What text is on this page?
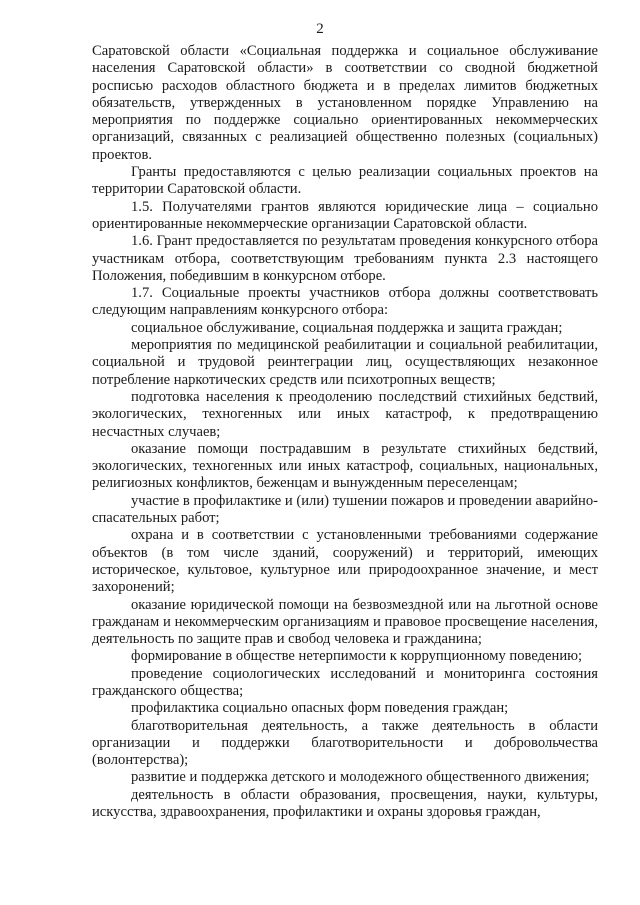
2

Саратовской области «Социальная поддержка и социальное обслуживание населения Саратовской области» в соответствии со сводной бюджетной росписью расходов областного бюджета и в пределах лимитов бюджетных обязательств, утвержденных в установленном порядке Управлению на мероприятия по поддержке социально ориентированных некоммерческих организаций, связанных с реализацией общественно полезных (социальных) проектов.

Гранты предоставляются с целью реализации социальных проектов на территории Саратовской области.

1.5. Получателями грантов являются юридические лица – социально ориентированные некоммерческие организации Саратовской области.

1.6. Грант предоставляется по результатам проведения конкурсного отбора участникам отбора, соответствующим требованиям пункта 2.3 настоящего Положения, победившим в конкурсном отборе.

1.7. Социальные проекты участников отбора должны соответствовать следующим направлениям конкурсного отбора:

социальное обслуживание, социальная поддержка и защита граждан;

мероприятия по медицинской реабилитации и социальной реабилитации, социальной и трудовой реинтеграции лиц, осуществляющих незаконное потребление наркотических средств или психотропных веществ;

подготовка населения к преодолению последствий стихийных бедствий, экологических, техногенных или иных катастроф, к предотвращению несчастных случаев;

оказание помощи пострадавшим в результате стихийных бедствий, экологических, техногенных или иных катастроф, социальных, национальных, религиозных конфликтов, беженцам и вынужденным переселенцам;

участие в профилактике и (или) тушении пожаров и проведении аварийно-спасательных работ;

охрана и в соответствии с установленными требованиями содержание объектов (в том числе зданий, сооружений) и территорий, имеющих историческое, культовое, культурное или природоохранное значение, и мест захоронений;

оказание юридической помощи на безвозмездной или на льготной основе гражданам и некоммерческим организациям и правовое просвещение населения, деятельность по защите прав и свобод человека и гражданина;

формирование в обществе нетерпимости к коррупционному поведению;

проведение социологических исследований и мониторинга состояния гражданского общества;

профилактика социально опасных форм поведения граждан;

благотворительная деятельность, а также деятельность в области организации и поддержки благотворительности и добровольчества (волонтерства);

развитие и поддержка детского и молодежного общественного движения;

деятельность в области образования, просвещения, науки, культуры, искусства, здравоохранения, профилактики и охраны здоровья граждан,
